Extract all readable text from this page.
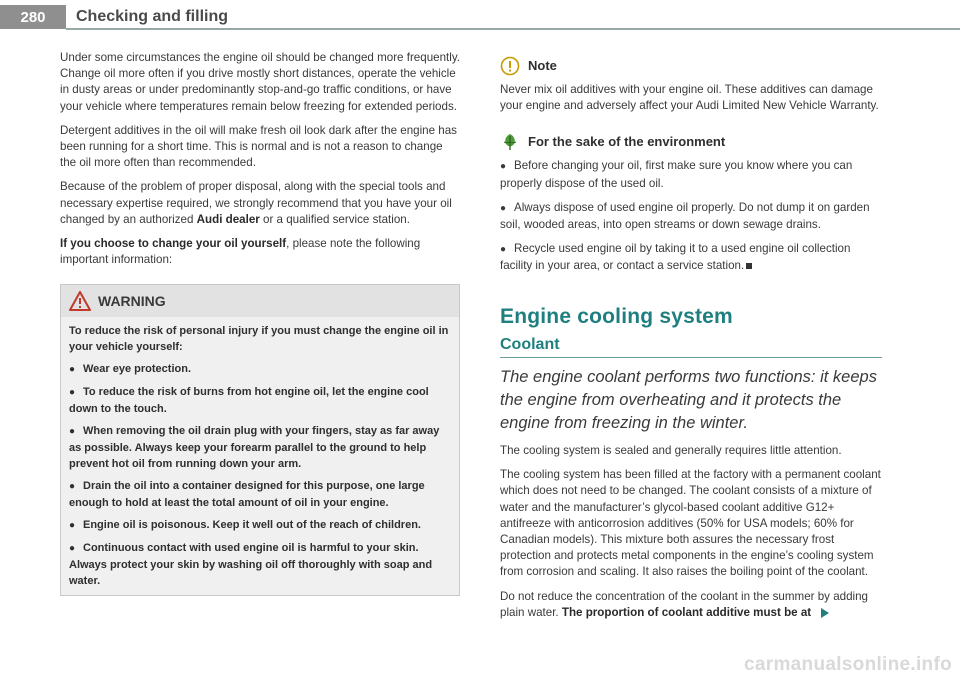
280	Checking and filling

Under some circumstances the engine oil should be changed more frequently. Change oil more often if you drive mostly short distances, operate the vehicle in dusty areas or under predominantly stop-and-go traffic conditions, or have your vehicle where temperatures remain below freezing for extended periods.

Detergent additives in the oil will make fresh oil look dark after the engine has been running for a short time. This is normal and is not a reason to change the oil more often than recommended.

Because of the problem of proper disposal, along with the special tools and necessary expertise required, we strongly recommend that you have your oil changed by an authorized Audi dealer or a qualified service station.

If you choose to change your oil yourself, please note the following important information:

WARNING

To reduce the risk of personal injury if you must change the engine oil in your vehicle yourself:

● Wear eye protection.

● To reduce the risk of burns from hot engine oil, let the engine cool down to the touch.

● When removing the oil drain plug with your fingers, stay as far away as possible. Always keep your forearm parallel to the ground to help prevent hot oil from running down your arm.

● Drain the oil into a container designed for this purpose, one large enough to hold at least the total amount of oil in your engine.

● Engine oil is poisonous. Keep it well out of the reach of children.

● Continuous contact with used engine oil is harmful to your skin. Always protect your skin by washing oil off thoroughly with soap and water.

Note

Never mix oil additives with your engine oil. These additives can damage your engine and adversely affect your Audi Limited New Vehicle Warranty.

For the sake of the environment

● Before changing your oil, first make sure you know where you can properly dispose of the used oil.

● Always dispose of used engine oil properly. Do not dump it on garden soil, wooded areas, into open streams or down sewage drains.

● Recycle used engine oil by taking it to a used engine oil collection facility in your area, or contact a service station.

Engine cooling system
Coolant

The engine coolant performs two functions: it keeps the engine from overheating and it protects the engine from freezing in the winter.

The cooling system is sealed and generally requires little attention.

The cooling system has been filled at the factory with a permanent coolant which does not need to be changed. The coolant consists of a mixture of water and the manufacturer’s glycol-based coolant additive G12+ antifreeze with anticorrosion additives (50% for USA models; 60% for Canadian models). This mixture both assures the necessary frost protection and protects metal components in the engine’s cooling system from corrosion and scaling. It also raises the boiling point of the coolant.

Do not reduce the concentration of the coolant in the summer by adding plain water. The proportion of coolant additive must be at

carmanualsonline.info
